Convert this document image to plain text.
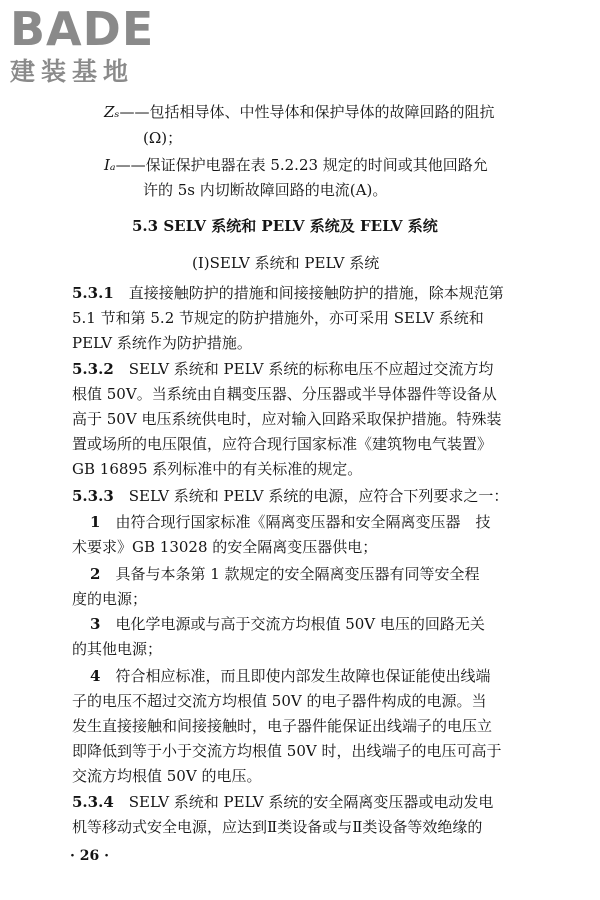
BADE
建装基地
Zₛ——包括相导体、中性导体和保护导体的故障回路的阻抗
(Ω)；
Iₐ——保证保护电器在表 5.2.23 规定的时间或其他回路允
许的 5s 内切断故障回路的电流(A)。
5.3 SELV 系统和 PELV 系统及 FELV 系统
(Ⅰ)SELV 系统和 PELV 系统
5.3.1　 直接接触防护的措施和间接接触防护的措施，除本规范第
5.1 节和第 5.2 节规定的防护措施外，亦可采用 SELV 系统和
PELV 系统作为防护措施。
5.3.2　 SELV 系统和 PELV 系统的标称电压不应超过交流方均
根值 50V。当系统由自耦变压器、分压器或半导体器件等设备从
高于 50V 电压系统供电时，应对输入回路采取保护措施。特殊装
置或场所的电压限值，应符合现行国家标准《建筑物电气装置》
GB 16895 系列标准中的有关标准的规定。
5.3.3　 SELV 系统和 PELV 系统的电源，应符合下列要求之一：
1　 由符合现行国家标准《隔离变压器和安全隔离变压器　技
术要求》GB 13028 的安全隔离变压器供电；
2　 具备与本条第 1 款规定的安全隔离变压器有同等安全程
度的电源；
3　 电化学电源或与高于交流方均根值 50V 电压的回路无关
的其他电源；
4　 符合相应标准，而且即使内部发生故障也保证能使出线端
子的电压不超过交流方均根值 50V 的电子器件构成的电源。当
发生直接接触和间接接触时，电子器件能保证出线端子的电压立
即降低到等于小于交流方均根值 50V 时，出线端子的电压可高于
交流方均根值 50V 的电压。
5.3.4　 SELV 系统和 PELV 系统的安全隔离变压器或电动发电
机等移动式安全电源，应达到Ⅱ类设备或与Ⅱ类设备等效绝缘的
· 26 ·
